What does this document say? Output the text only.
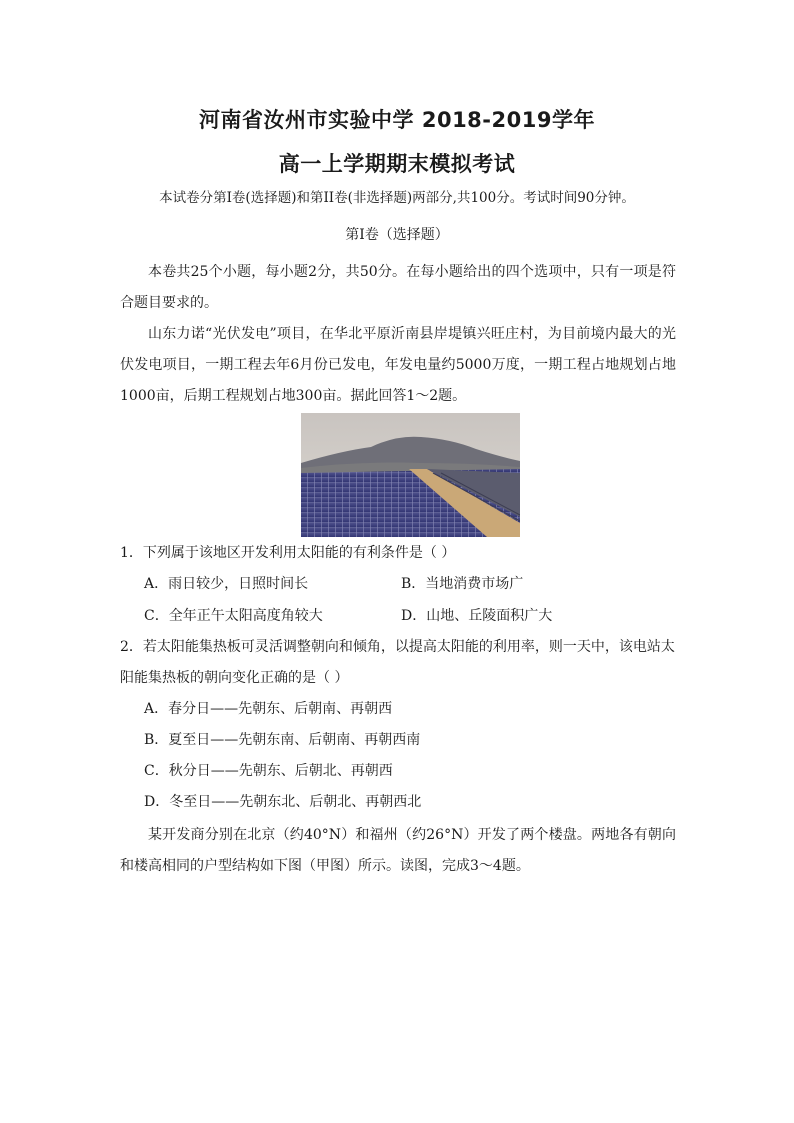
河南省汝州市实验中学 2018-2019学年
高一上学期期末模拟考试
本试卷分第Ⅰ卷(选择题)和第II卷(非选择题)两部分,共100分。考试时间90分钟。
第Ⅰ卷（选择题）

本卷共25个小题，每小题2分，共50分。在每小题给出的四个选项中，只有一项是符合题目要求的。

山东力诺“光伏发电”项目，在华北平原沂南县岸堤镇兴旺庄村，为目前境内最大的光伏发电项目，一期工程去年6月份已发电，年发电量约5000万度，一期工程占地规划占地1000亩，后期工程规划占地300亩。据此回答1～2题。

1．下列属于该地区开发利用太阳能的有利条件是（ ）

A．雨日较少，日照时间长	B．当地消费市场广
C．全年正午太阳高度角较大	D．山地、丘陵面积广大

2．若太阳能集热板可灵活调整朝向和倾角，以提高太阳能的利用率，则一天中，该电站太阳能集热板的朝向变化正确的是（ ）

A．春分日——先朝东、后朝南、再朝西
B．夏至日——先朝东南、后朝南、再朝西南
C．秋分日——先朝东、后朝北、再朝西
D．冬至日——先朝东北、后朝北、再朝西北

某开发商分别在北京（约40°N）和福州（约26°N）开发了两个楼盘。两地各有朝向和楼高相同的户型结构如下图（甲图）所示。读图，完成3～4题。
